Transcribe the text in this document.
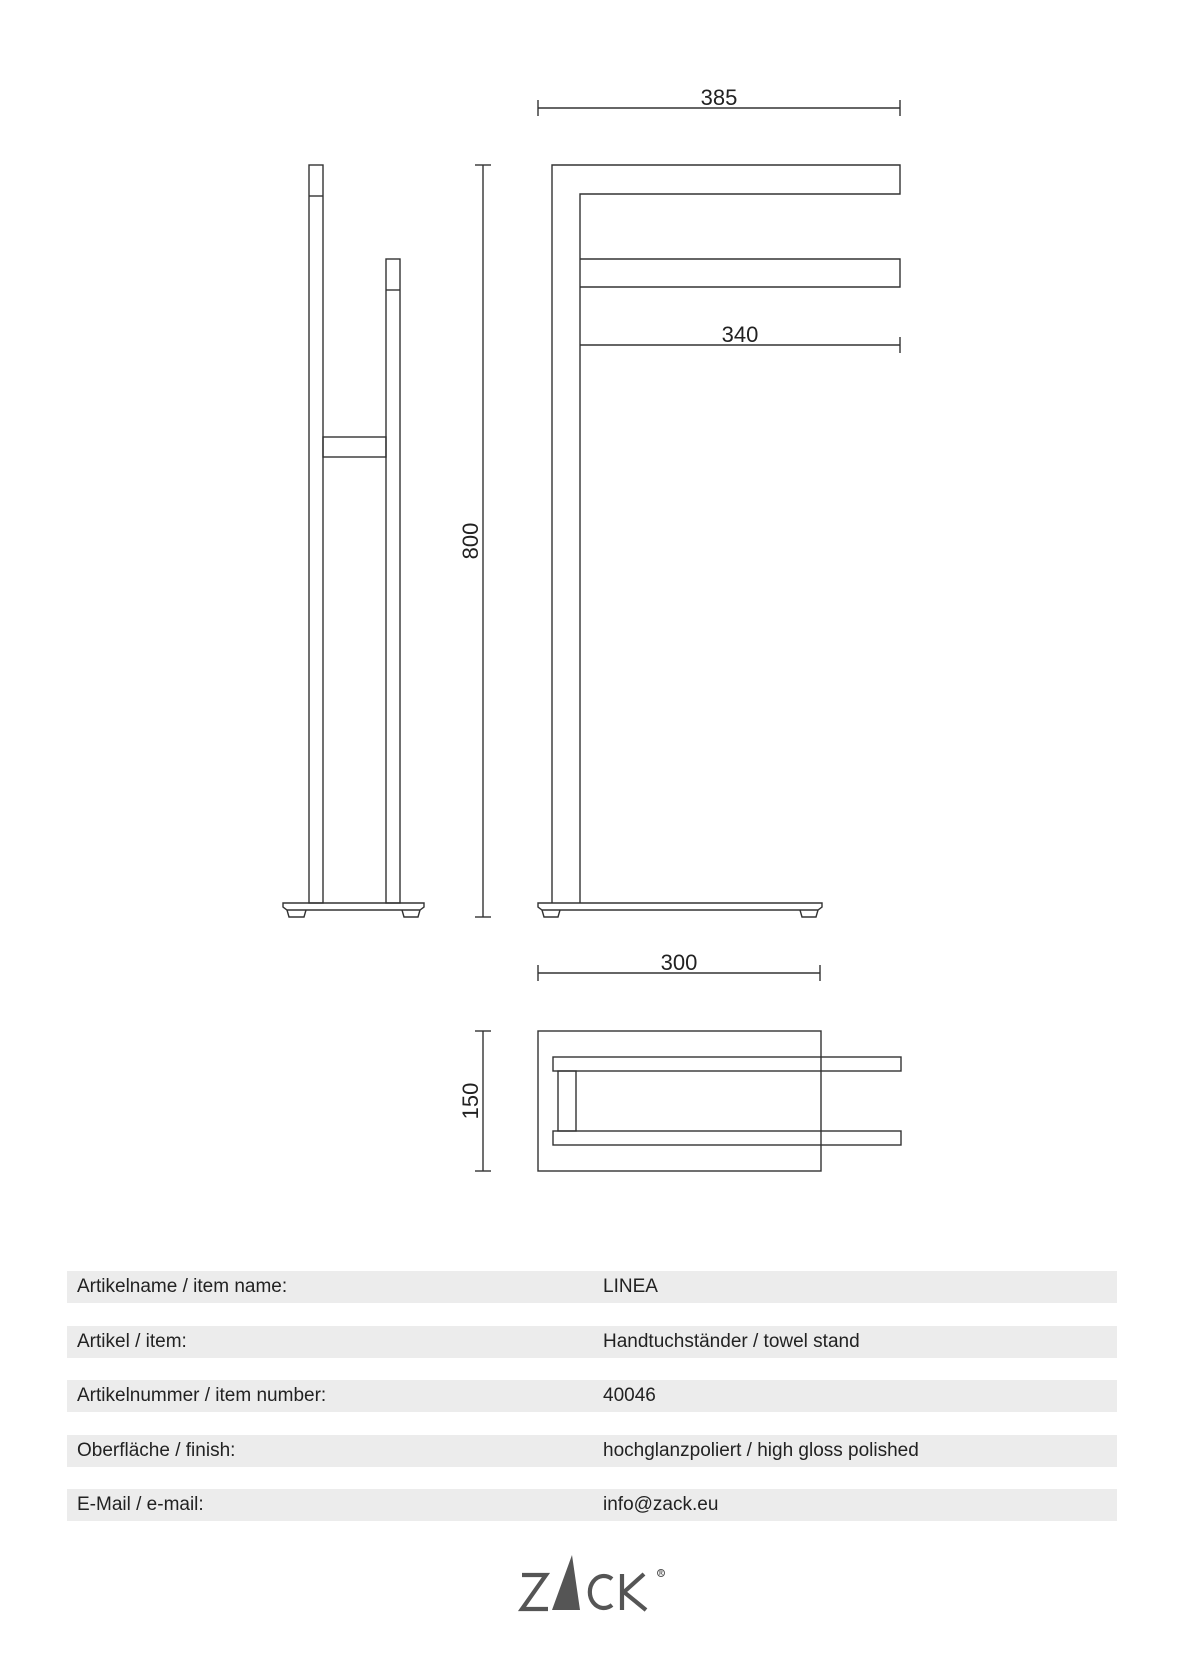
800
385
340
300
150
Artikelname / item name:	LINEA
Artikel / item:	Handtuchständer / towel stand
Artikelnummer / item number:	40046
Oberfläche / finish:	hochglanzpoliert / high gloss polished
E-Mail / e-mail:	info@zack.eu
